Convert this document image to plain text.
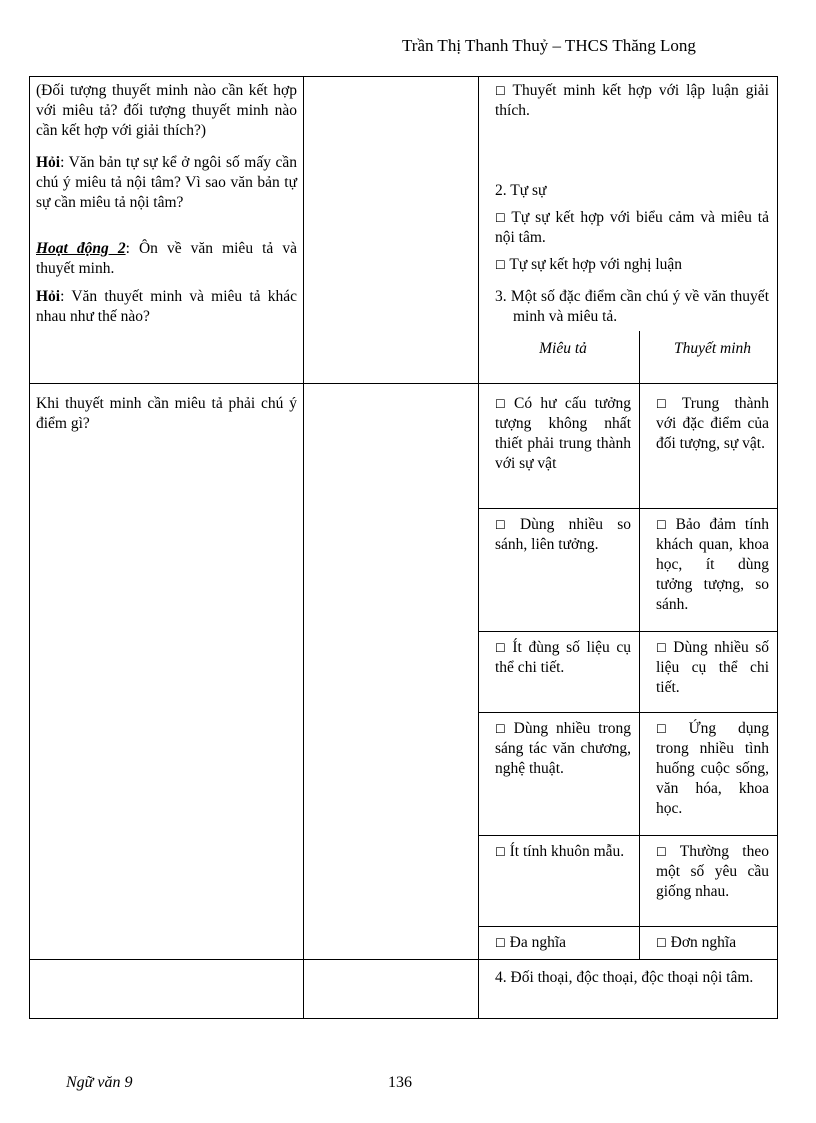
Trần Thị Thanh Thuỷ – THCS Thăng Long

(Đối tượng thuyết minh nào cần kết hợp với miêu tả? đối tượng thuyết minh nào cần kết hợp với giải thích?)

Hỏi: Văn bản tự sự kể ở ngôi số mấy cần chú ý miêu tả nội tâm? Vì sao văn bản tự sự cần miêu tả nội tâm?

Hoạt động 2: Ôn về văn miêu tả và thuyết minh.

Hỏi: Văn thuyết minh và miêu tả khác nhau như thế nào?

☐ Thuyết minh kết hợp với lập luận giải thích.

2. Tự sự

☐ Tự sự kết hợp với biểu cảm và miêu tả nội tâm.

☐ Tự sự kết hợp với nghị luận

3. Một số đặc điểm cần chú ý về văn thuyết minh và miêu tả.

Miêu tả	Thuyết minh

Khi thuyết minh cần miêu tả phải chú ý điểm gì?

☐ Có hư cấu tưởng tượng không nhất thiết phải trung thành với sự vật	☐ Trung thành với đặc điểm của đối tượng, sự vật.
☐ Dùng nhiều so sánh, liên tưởng.	☐ Bảo đảm tính khách quan, khoa học, ít dùng tưởng tượng, so sánh.
☐ Ít đùng số liệu cụ thể chi tiết.	☐ Dùng nhiều số liệu cụ thể chi tiết.
☐ Dùng nhiều trong sáng tác văn chương, nghệ thuật.	☐ Ứng dụng trong nhiều tình huống cuộc sống, văn hóa, khoa học.
☐ Ít tính khuôn mẫu.	☐ Thường theo một số yêu cầu giống nhau.
☐ Đa nghĩa	☐ Đơn nghĩa

4. Đối thoại, độc thoại, độc thoại nội tâm.

Ngữ văn 9	136
